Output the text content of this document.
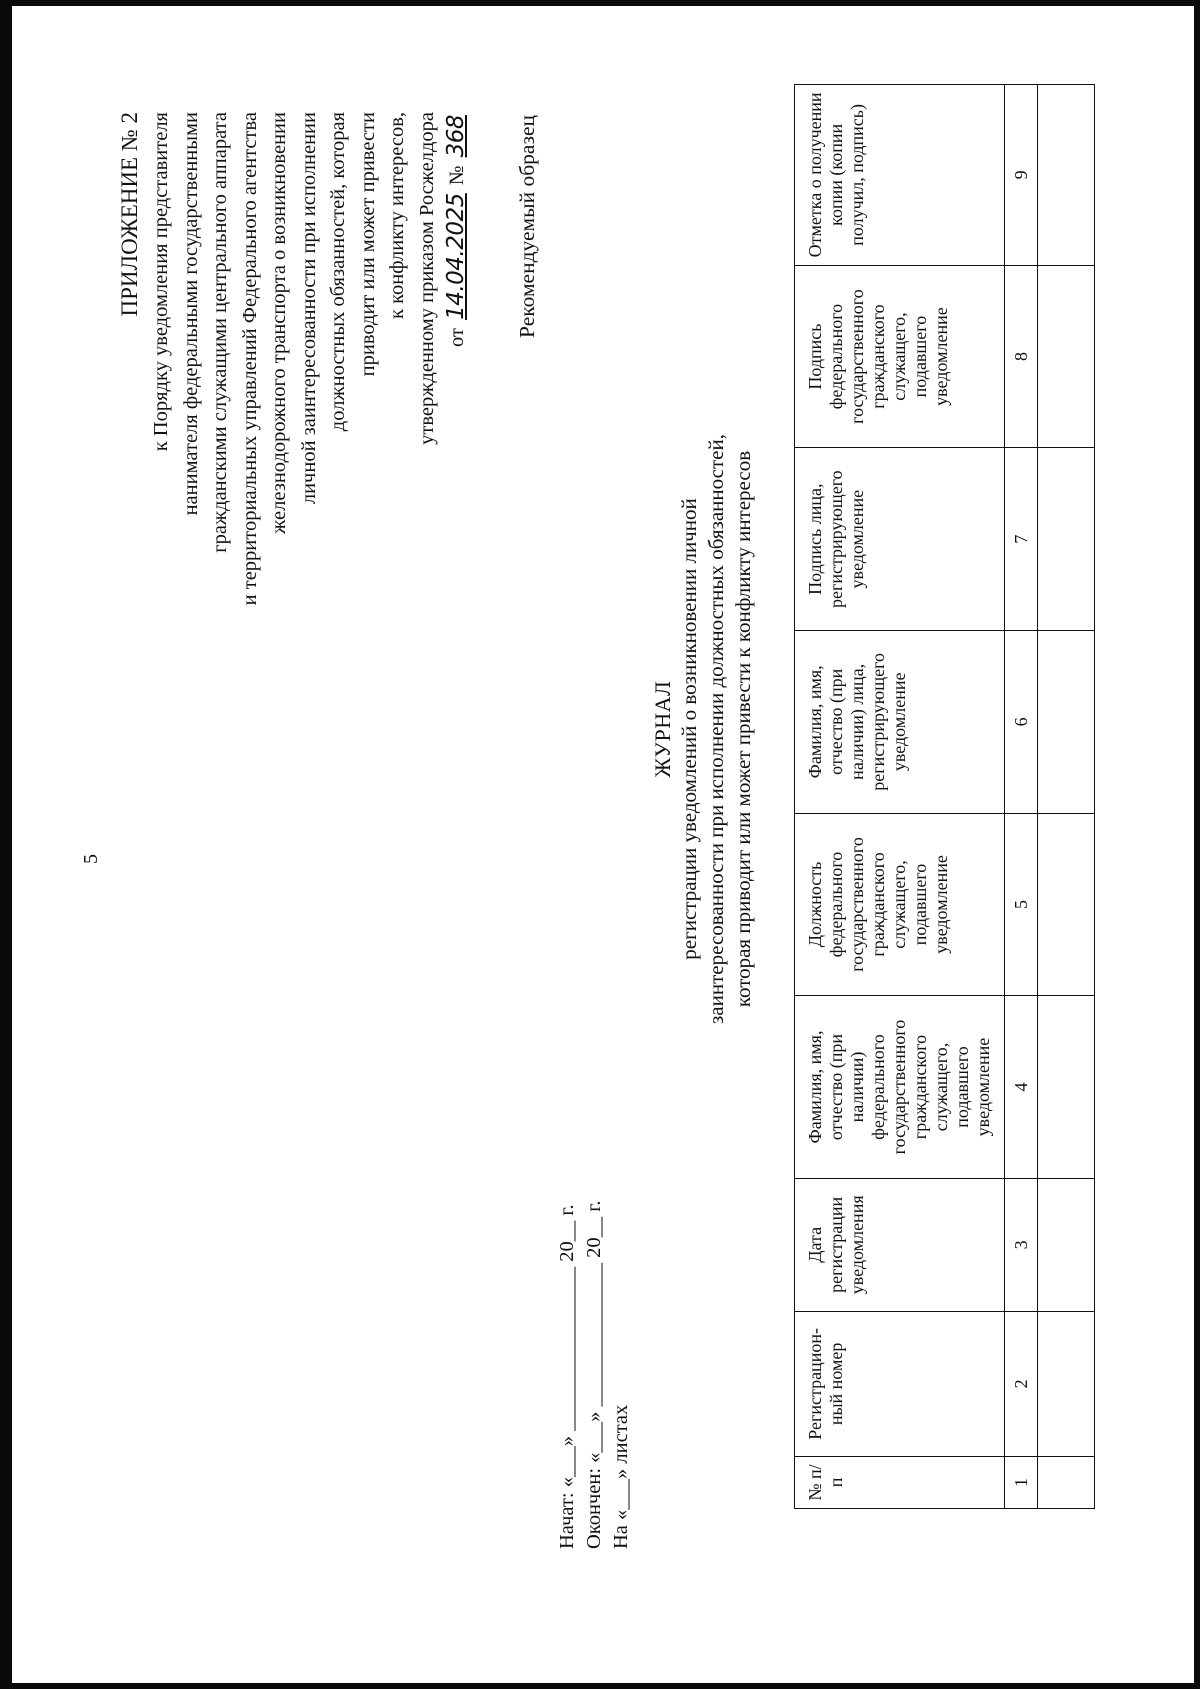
5
ПРИЛОЖЕНИЕ № 2 к Порядку уведомления представителя нанимателя федеральными государственными гражданскими служащими центрального аппарата и территориальных управлений Федерального агентства железнодорожного транспорта о возникновении личной заинтересованности при исполнении должностных обязанностей, которая приводит или может привести к конфликту интересов, утвержденному приказом Росжелдора от 14.04.2025 № 368 Рекомендуемый образец
Начат: «___» ________________ 20__ г. Окончен: «___» ______________ 20__ г. На «___» листах
ЖУРНАЛ регистрации уведомлений о возникновении личной заинтересованности при исполнении должностных обязанностей, которая приводит или может привести к конфликту интересов
№ п/п	Регистрацион-ный номер	Дата регистрации уведомления	Фамилия, имя, отчество (при наличии) федерального государственного гражданского служащего, подавшего уведомление	Должность федерального государственного гражданского служащего, подавшего уведомление	Фамилия, имя, отчество (при наличии) лица, регистрирующего уведомление	Подпись лица, регистрирующего уведомление	Подпись федерального государственного гражданского служащего, подавшего уведомление	Отметка о получении копии (копии получил, подпись)
1	2	3	4	5	6	7	8	9
